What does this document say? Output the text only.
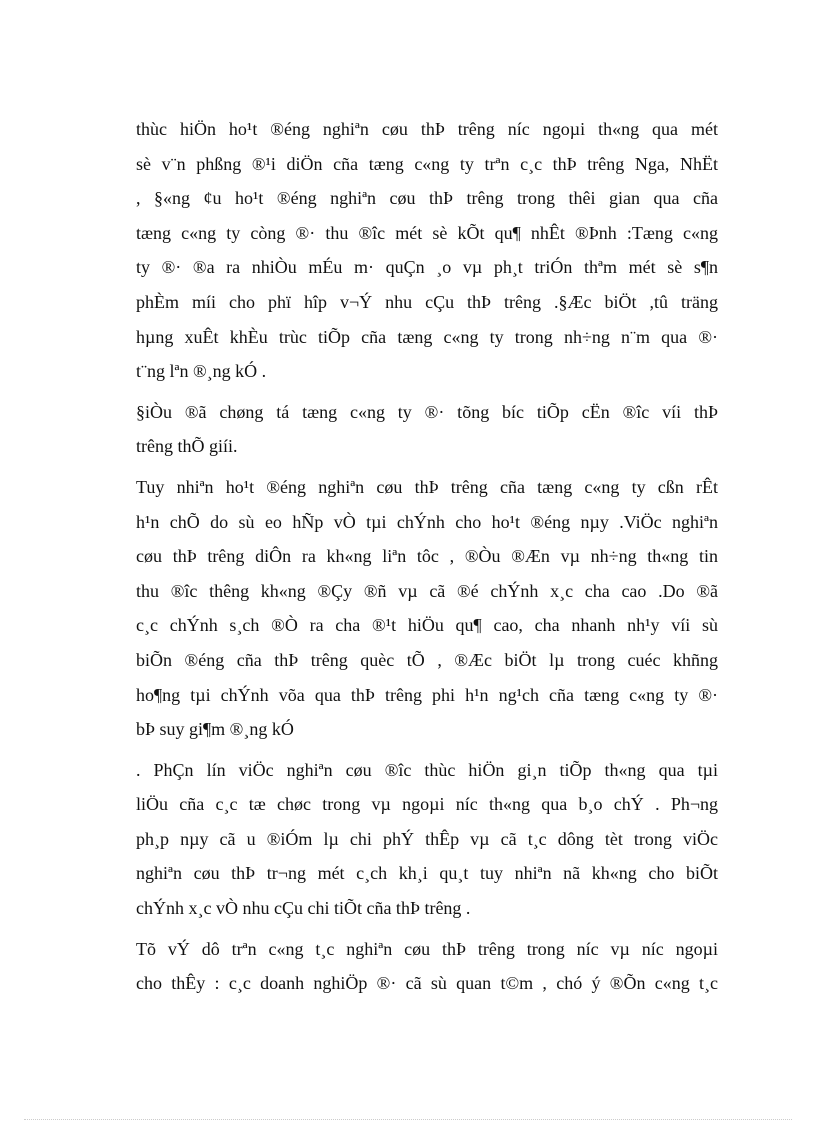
thùc hiÖn ho¹t ®éng nghiªn cøu thÞ trêng níc ngoµi th«ng qua mét
sè v¨n phßng ®¹i diÖn cña tæng c«ng ty trªn c¸c thÞ trêng Nga, NhËt
, §«ng ¢u ho¹t ®éng nghiªn cøu thÞ trêng trong thêi gian qua cña
tæng c«ng ty còng ®· thu ®îc mét sè kÕt qu¶ nhÊt ®Þnh :Tæng c«ng
ty ®· ®a ra nhiÒu mÉu m· quÇn ¸o vµ ph¸t triÓn thªm mét sè s¶n
phÈm míi cho phï hîp v¬Ý nhu cÇu thÞ trêng .§Æc biÖt ,tû träng
hµng xuÊt khÈu trùc tiÕp cña tæng c«ng ty trong nh÷ng n¨m qua ®·
t¨ng lªn ®¸ng kÓ .

§iÒu ®ã chøng tá tæng c«ng ty ®· tõng bíc tiÕp cËn ®îc víi thÞ
trêng thÕ giíi.

Tuy nhiªn ho¹t ®éng nghiªn cøu thÞ trêng cña tæng c«ng ty cßn rÊt
h¹n chÕ do sù eo hÑp vÒ tµi chÝnh cho ho¹t ®éng nµy .ViÖc nghiªn
cøu thÞ trêng diÔn ra kh«ng liªn tôc , ®Òu ®Æn vµ nh÷ng th«ng tin
thu ®îc thêng kh«ng ®Çy ®ñ vµ cã ®é chÝnh x¸c cha cao .Do ®ã
c¸c chÝnh s¸ch ®Ò ra cha ®¹t hiÖu qu¶ cao, cha nhanh nh¹y víi sù
biÕn ®éng cña thÞ trêng quèc tÕ , ®Æc biÖt lµ trong cuéc khñng
ho¶ng tµi chÝnh võa qua thÞ trêng phi h¹n ng¹ch cña tæng c«ng ty ®·
bÞ suy gi¶m ®¸ng kÓ

. PhÇn lín viÖc nghiªn cøu ®îc thùc hiÖn gi¸n tiÕp th«ng qua tµi
liÖu cña c¸c tæ chøc trong vµ ngoµi níc th«ng qua b¸o chÝ . Ph¬ng
ph¸p nµy cã u ®iÓm lµ chi phÝ thÊp vµ cã t¸c dông tèt trong viÖc
nghiªn cøu thÞ tr¬ng mét c¸ch kh¸i qu¸t tuy nhiªn nã kh«ng cho biÕt
chÝnh x¸c vÒ nhu cÇu chi tiÕt cña thÞ trêng .

Tõ vÝ dô trªn c«ng t¸c nghiªn cøu thÞ trêng trong níc vµ níc ngoµi
cho thÊy : c¸c doanh nghiÖp ®· cã sù quan t©m , chó ý ®Õn c«ng t¸c
